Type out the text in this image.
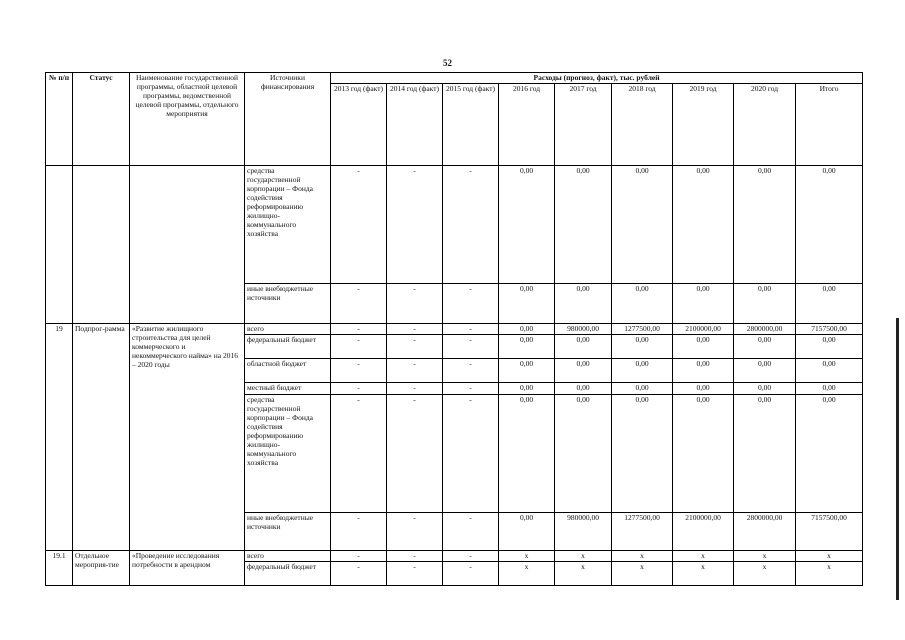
52
№ п/п	Статус	Наименование государственной программы, областной целевой программы, ведомственной целевой программы, отдельного мероприятия	Источники финансирования	Расходы (прогноз, факт), тыс. рублей								
				2013 год (факт)	2014 год (факт)	2015 год (факт)	2016 год	2017 год	2018 год	2019 год	2020 год	Итого
			средства государственной корпорации – Фонда содействия реформированию жилищно-коммунального хозяйства	-	-	-	0,00	0,00	0,00	0,00	0,00	0,00
			иные внебюджетные источники	-	-	-	0,00	0,00	0,00	0,00	0,00	0,00
19	Подпрог-рамма	«Развитие жилищного строительства для целей коммерческого и некоммерческого найма» на 2016 – 2020 годы	всего	-	-	-	0,00	980000,00	1277500,00	2100000,00	2800000,00	7157500,00
			федеральный бюджет	-	-	-	0,00	0,00	0,00	0,00	0,00	0,00
			областной бюджет	-	-	-	0,00	0,00	0,00	0,00	0,00	0,00
			местный бюджет	-	-	-	0,00	0,00	0,00	0,00	0,00	0,00
			средства государственной корпорации – Фонда содействия реформированию жилищно-коммунального хозяйства	-	-	-	0,00	0,00	0,00	0,00	0,00	0,00
			иные внебюджетные источники	-	-	-	0,00	980000,00	1277500,00	2100000,00	2800000,00	7157500,00
19.1	Отдельное мероприя-тие	«Проведение исследования потребности в арендном	всего	-	-	-	x	x	x	x	x	x
			федеральный бюджет	-	-	-	x	x	x	x	x	x
